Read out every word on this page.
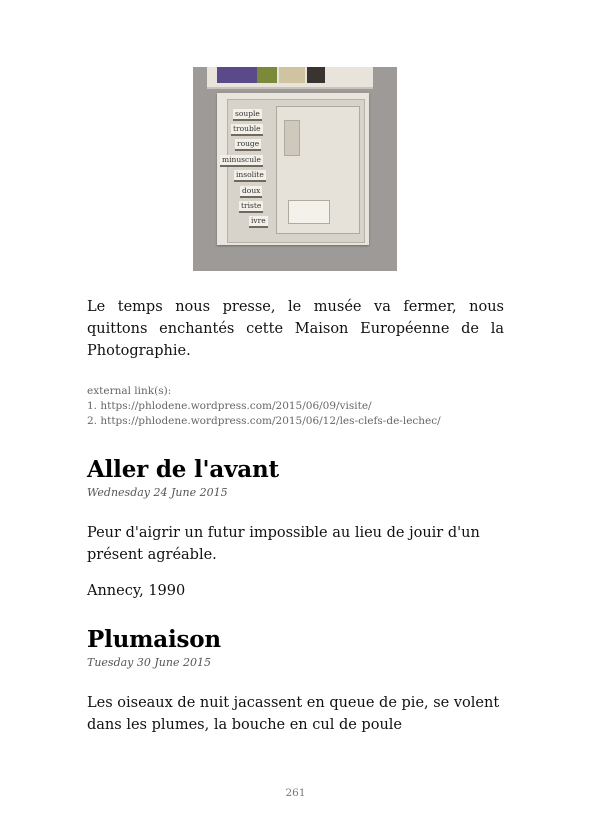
souple
trouble
rouge
minuscule
insolite
doux
triste
ivre

Le temps nous presse, le musée va fermer, nous quittons enchantés cette Maison Européenne de la Photographie.

external link(s):
1. https://phlodene.wordpress.com/2015/06/09/visite/
2. https://phlodene.wordpress.com/2015/06/12/les-clefs-de-lechec/
Aller de l'avant
Wednesday 24 June 2015

Peur d'aigrir un futur impossible au lieu de jouir d'un présent agréable.

Annecy, 1990

Plumaison
Tuesday 30 June 2015

Les oiseaux de nuit jacassent en queue de pie, se volent dans les plumes, la bouche en cul de poule

261
